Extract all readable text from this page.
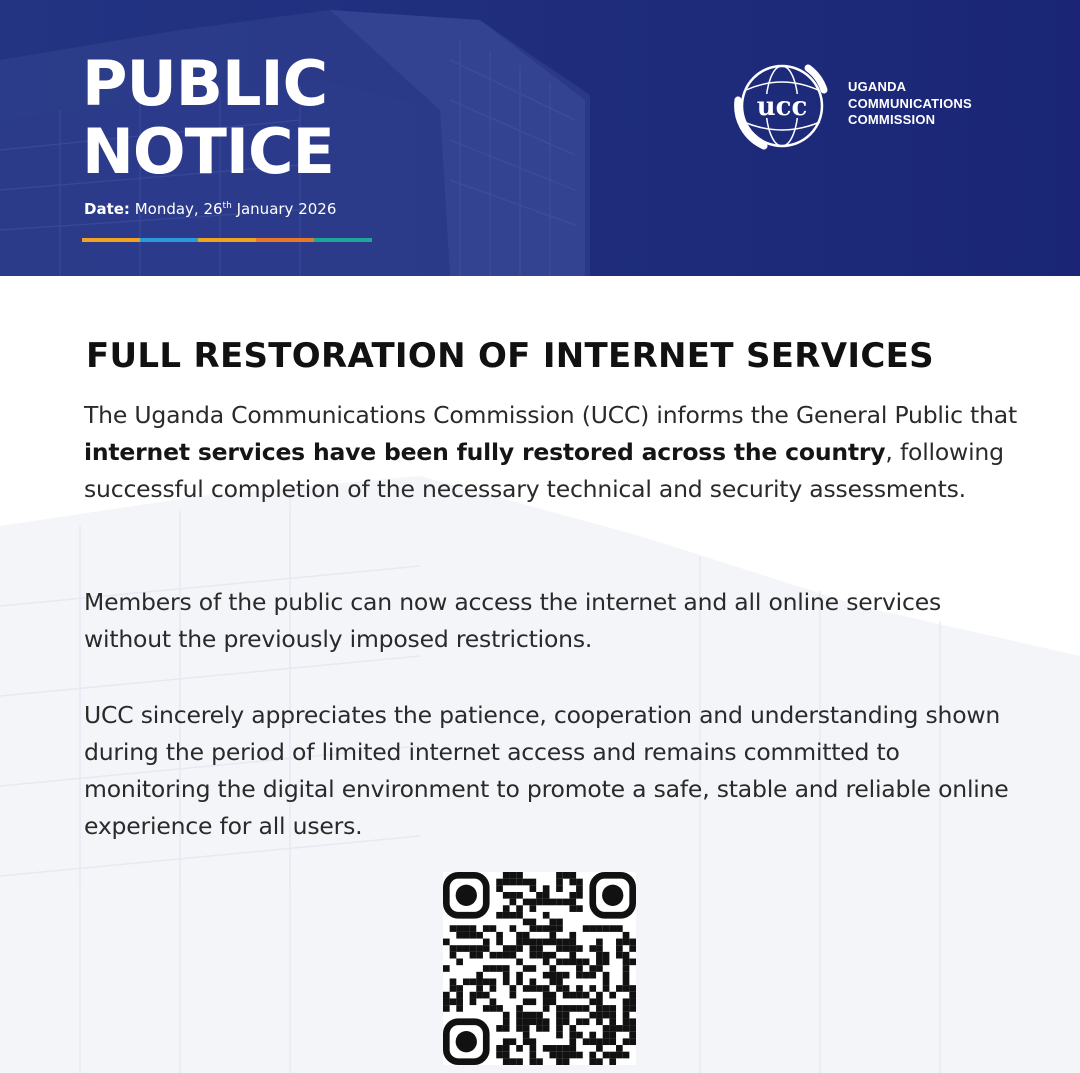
PUBLIC
NOTICE
Date: Monday, 26th January 2026
ucc
UGANDA
COMMUNICATIONS
COMMISSION
FULL RESTORATION OF INTERNET SERVICES
The Uganda Communications Commission (UCC) informs the General Public that internet services have been fully restored across the country, following successful completion of the necessary technical and security assessments.
Members of the public can now access the internet and all online services without the previously imposed restrictions.
UCC sincerely appreciates the patience, cooperation and understanding shown during the period of limited internet access and remains committed to monitoring the digital environment to promote a safe, stable and reliable online experience for all users.
